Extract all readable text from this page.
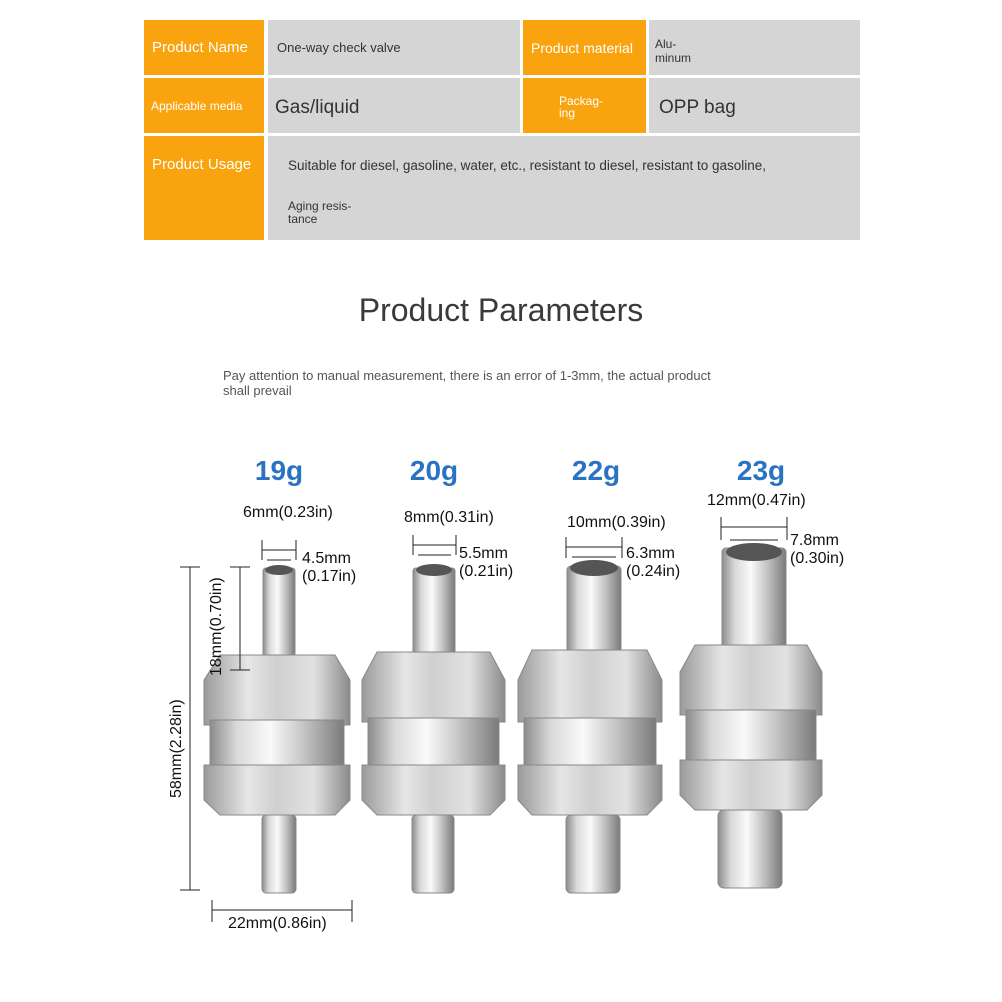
Product Name	One-way check valve	Product material	Alu-
minum
Applicable media	Gas/liquid	Packag-
ing	OPP bag
Product Usage	Suitable for diesel, gasoline, water, etc., resistant to diesel, resistant to gasoline,
Aging resis-
tance
Product Parameters
Pay attention to manual measurement, there is an error of 1-3mm, the actual product
shall prevail
19g	20g	22g	23g
6mm(0.23in)	8mm(0.31in)	10mm(0.39in)
12mm(0.47in)
4.5mm
(0.17in)
5.5mm
(0.21in)
6.3mm
(0.24in)
7.8mm
(0.30in)
18mm(0.70in)
58mm(2.28in)
22mm(0.86in)
